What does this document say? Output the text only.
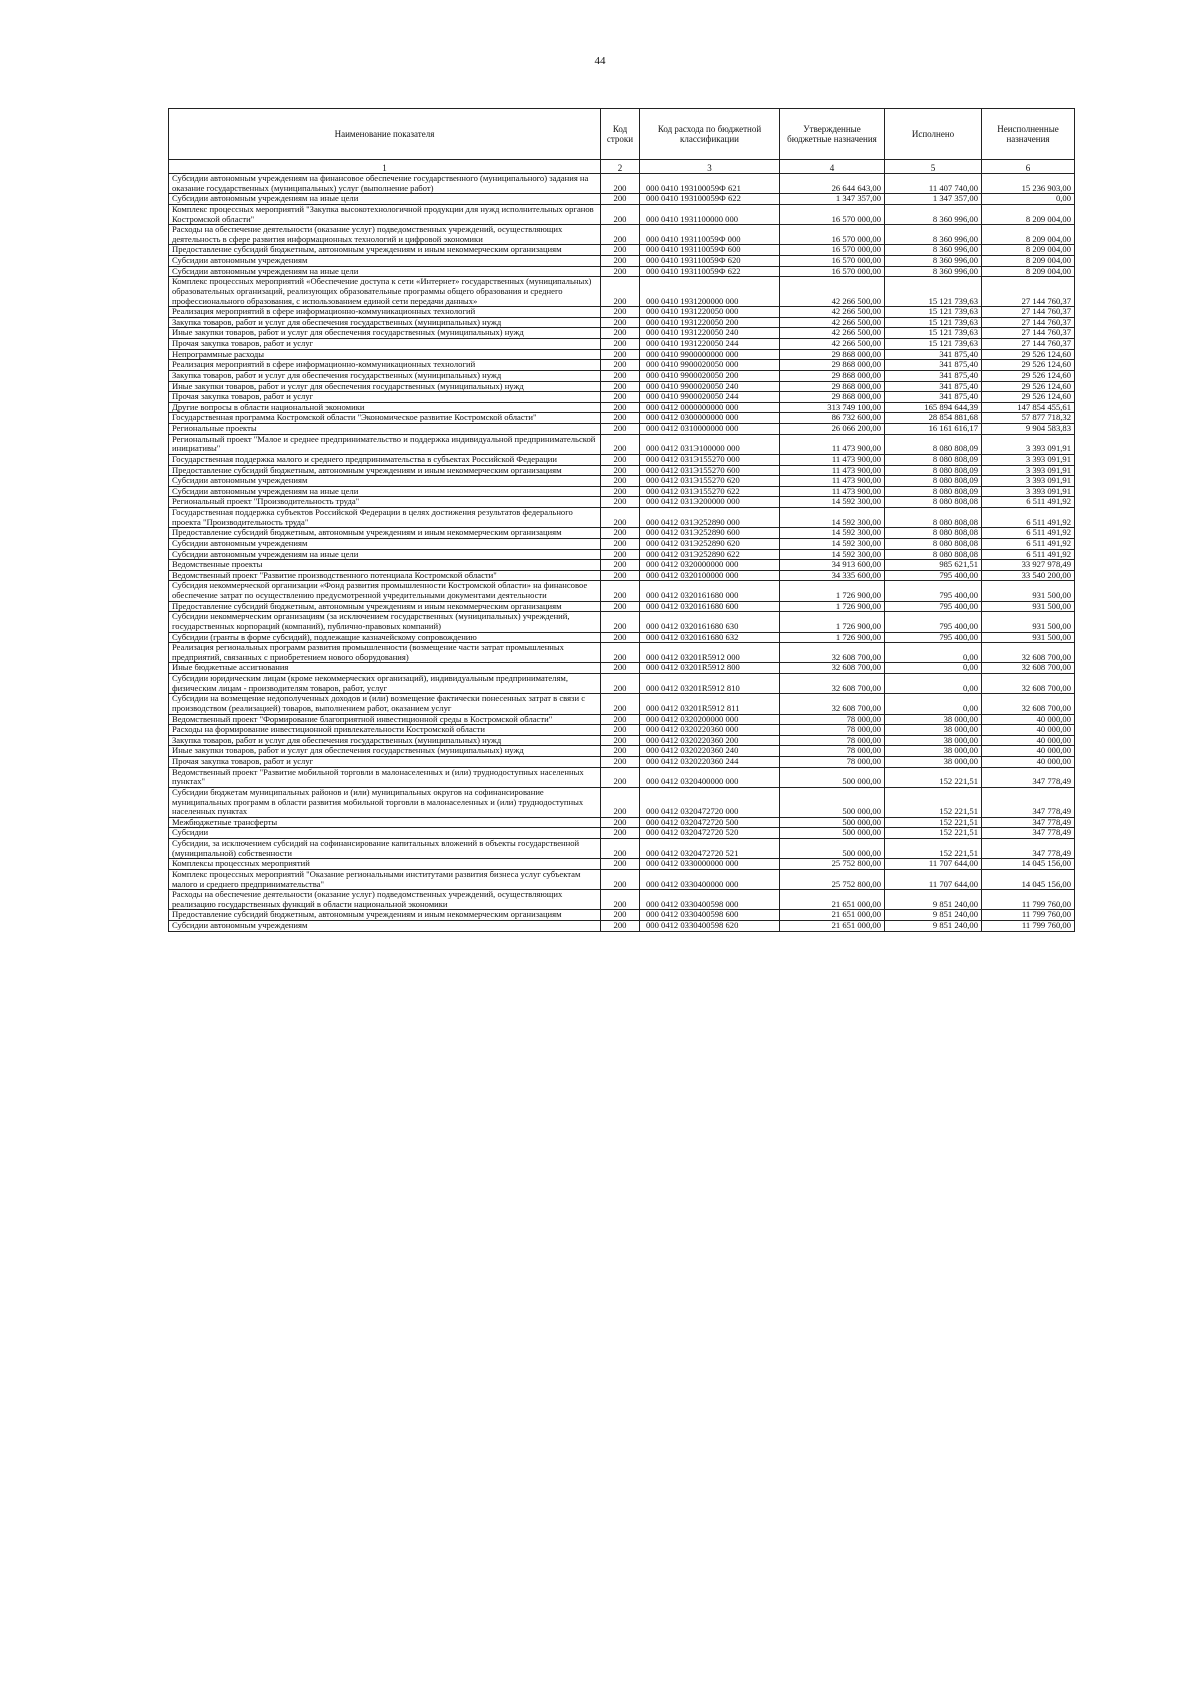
44
Наименование показателя	Код строки	Код расхода по бюджетной классификации	Утвержденные бюджетные назначения	Исполнено	Неисполненные назначения
1	2	3	4	5	6
Субсидии автономным учреждениям на финансовое обеспечение государственного (муниципального) задания на оказание государственных (муниципальных) услуг (выполнение работ)	200	000 0410 193100059Ф 621	26 644 643,00	11 407 740,00	15 236 903,00
Субсидии автономным учреждениям на иные цели	200	000 0410 193100059Ф 622	1 347 357,00	1 347 357,00	0,00
Комплекс процессных мероприятий "Закупка высокотехнологичной продукции для нужд исполнительных органов Костромской области"	200	000 0410 1931100000 000	16 570 000,00	8 360 996,00	8 209 004,00
Расходы на обеспечение деятельности (оказание услуг) подведомственных учреждений, осуществляющих деятельность в сфере развития информационных технологий и цифровой экономики	200	000 0410 193110059Ф 000	16 570 000,00	8 360 996,00	8 209 004,00
Предоставление субсидий бюджетным, автономным учреждениям и иным некоммерческим организациям	200	000 0410 193110059Ф 600	16 570 000,00	8 360 996,00	8 209 004,00
Субсидии автономным учреждениям	200	000 0410 193110059Ф 620	16 570 000,00	8 360 996,00	8 209 004,00
Субсидии автономным учреждениям на иные цели	200	000 0410 193110059Ф 622	16 570 000,00	8 360 996,00	8 209 004,00
Комплекс процессных мероприятий «Обеспечение доступа к сети «Интернет» государственных (муниципальных) образовательных организаций, реализующих образовательные программы общего образования и среднего профессионального образования, с использованием единой сети передачи данных»	200	000 0410 1931200000 000	42 266 500,00	15 121 739,63	27 144 760,37
Реализация мероприятий в сфере информационно-коммуникационных технологий	200	000 0410 1931220050 000	42 266 500,00	15 121 739,63	27 144 760,37
Закупка товаров, работ и услуг для обеспечения государственных (муниципальных) нужд	200	000 0410 1931220050 200	42 266 500,00	15 121 739,63	27 144 760,37
Иные закупки товаров, работ и услуг для обеспечения государственных (муниципальных) нужд	200	000 0410 1931220050 240	42 266 500,00	15 121 739,63	27 144 760,37
Прочая закупка товаров, работ и услуг	200	000 0410 1931220050 244	42 266 500,00	15 121 739,63	27 144 760,37
Непрограммные расходы	200	000 0410 9900000000 000	29 868 000,00	341 875,40	29 526 124,60
Реализация мероприятий в сфере информационно-коммуникационных технологий	200	000 0410 9900020050 000	29 868 000,00	341 875,40	29 526 124,60
Закупка товаров, работ и услуг для обеспечения государственных (муниципальных) нужд	200	000 0410 9900020050 200	29 868 000,00	341 875,40	29 526 124,60
Иные закупки товаров, работ и услуг для обеспечения государственных (муниципальных) нужд	200	000 0410 9900020050 240	29 868 000,00	341 875,40	29 526 124,60
Прочая закупка товаров, работ и услуг	200	000 0410 9900020050 244	29 868 000,00	341 875,40	29 526 124,60
Другие вопросы в области национальной экономики	200	000 0412 0000000000 000	313 749 100,00	165 894 644,39	147 854 455,61
Государственная программа Костромской области "Экономическое развитие Костромской области"	200	000 0412 0300000000 000	86 732 600,00	28 854 881,68	57 877 718,32
Региональные проекты	200	000 0412 0310000000 000	26 066 200,00	16 161 616,17	9 904 583,83
Региональный проект "Малое и среднее предпринимательство и поддержка индивидуальной предпринимательской инициативы"	200	000 0412 031Э100000 000	11 473 900,00	8 080 808,09	3 393 091,91
Государственная поддержка малого и среднего предпринимательства в субъектах Российской Федерации	200	000 0412 031Э155270 000	11 473 900,00	8 080 808,09	3 393 091,91
Предоставление субсидий бюджетным, автономным учреждениям и иным некоммерческим организациям	200	000 0412 031Э155270 600	11 473 900,00	8 080 808,09	3 393 091,91
Субсидии автономным учреждениям	200	000 0412 031Э155270 620	11 473 900,00	8 080 808,09	3 393 091,91
Субсидии автономным учреждениям на иные цели	200	000 0412 031Э155270 622	11 473 900,00	8 080 808,09	3 393 091,91
Региональный проект "Производительность труда"	200	000 0412 031Э200000 000	14 592 300,00	8 080 808,08	6 511 491,92
Государственная поддержка субъектов Российской Федерации в целях достижения результатов федерального проекта "Производительность труда"	200	000 0412 031Э252890 000	14 592 300,00	8 080 808,08	6 511 491,92
Предоставление субсидий бюджетным, автономным учреждениям и иным некоммерческим организациям	200	000 0412 031Э252890 600	14 592 300,00	8 080 808,08	6 511 491,92
Субсидии автономным учреждениям	200	000 0412 031Э252890 620	14 592 300,00	8 080 808,08	6 511 491,92
Субсидии автономным учреждениям на иные цели	200	000 0412 031Э252890 622	14 592 300,00	8 080 808,08	6 511 491,92
Ведомственные проекты	200	000 0412 0320000000 000	34 913 600,00	985 621,51	33 927 978,49
Ведомственный проект "Развитие производственного потенциала Костромской области"	200	000 0412 0320100000 000	34 335 600,00	795 400,00	33 540 200,00
Субсидия некоммерческой организации «Фонд развития промышленности Костромской области» на финансовое обеспечение затрат по осуществлению предусмотренной учредительными документами деятельности	200	000 0412 0320161680 000	1 726 900,00	795 400,00	931 500,00
Предоставление субсидий бюджетным, автономным учреждениям и иным некоммерческим организациям	200	000 0412 0320161680 600	1 726 900,00	795 400,00	931 500,00
Субсидии некоммерческим организациям (за исключением государственных (муниципальных) учреждений, государственных корпораций (компаний), публично-правовых компаний)	200	000 0412 0320161680 630	1 726 900,00	795 400,00	931 500,00
Субсидии (гранты в форме субсидий), подлежащие казначейскому сопровождению	200	000 0412 0320161680 632	1 726 900,00	795 400,00	931 500,00
Реализация региональных программ развития промышленности (возмещение части затрат промышленных предприятий, связанных с приобретением нового оборудования)	200	000 0412 03201R5912 000	32 608 700,00	0,00	32 608 700,00
Иные бюджетные ассигнования	200	000 0412 03201R5912 800	32 608 700,00	0,00	32 608 700,00
Субсидии юридическим лицам (кроме некоммерческих организаций), индивидуальным предпринимателям, физическим лицам - производителям товаров, работ, услуг	200	000 0412 03201R5912 810	32 608 700,00	0,00	32 608 700,00
Субсидии на возмещение недополученных доходов и (или) возмещение фактически понесенных затрат в связи с производством (реализацией) товаров, выполнением работ, оказанием услуг	200	000 0412 03201R5912 811	32 608 700,00	0,00	32 608 700,00
Ведомственный проект "Формирование благоприятной инвестиционной среды в Костромской области"	200	000 0412 0320200000 000	78 000,00	38 000,00	40 000,00
Расходы на формирование инвестиционной привлекательности Костромской области	200	000 0412 0320220360 000	78 000,00	38 000,00	40 000,00
Закупка товаров, работ и услуг для обеспечения государственных (муниципальных) нужд	200	000 0412 0320220360 200	78 000,00	38 000,00	40 000,00
Иные закупки товаров, работ и услуг для обеспечения государственных (муниципальных) нужд	200	000 0412 0320220360 240	78 000,00	38 000,00	40 000,00
Прочая закупка товаров, работ и услуг	200	000 0412 0320220360 244	78 000,00	38 000,00	40 000,00
Ведомственный проект "Развитие мобильной торговли в малонаселенных и (или) труднодоступных населенных пунктах"	200	000 0412 0320400000 000	500 000,00	152 221,51	347 778,49
Субсидии бюджетам муниципальных районов и (или) муниципальных округов на софинансирование муниципальных программ в области развития мобильной торговли в малонаселенных и (или) труднодоступных населенных пунктах	200	000 0412 0320472720 000	500 000,00	152 221,51	347 778,49
Межбюджетные трансферты	200	000 0412 0320472720 500	500 000,00	152 221,51	347 778,49
Субсидии	200	000 0412 0320472720 520	500 000,00	152 221,51	347 778,49
Субсидии, за исключением субсидий на софинансирование капитальных вложений в объекты государственной (муниципальной) собственности	200	000 0412 0320472720 521	500 000,00	152 221,51	347 778,49
Комплексы процессных мероприятий	200	000 0412 0330000000 000	25 752 800,00	11 707 644,00	14 045 156,00
Комплекс процессных мероприятий "Оказание региональными институтами развития бизнеса услуг субъектам малого и среднего предпринимательства"	200	000 0412 0330400000 000	25 752 800,00	11 707 644,00	14 045 156,00
Расходы на обеспечение деятельности (оказание услуг) подведомственных учреждений, осуществляющих реализацию государственных функций в области национальной экономики	200	000 0412 0330400598 000	21 651 000,00	9 851 240,00	11 799 760,00
Предоставление субсидий бюджетным, автономным учреждениям и иным некоммерческим организациям	200	000 0412 0330400598 600	21 651 000,00	9 851 240,00	11 799 760,00
Субсидии автономным учреждениям	200	000 0412 0330400598 620	21 651 000,00	9 851 240,00	11 799 760,00
